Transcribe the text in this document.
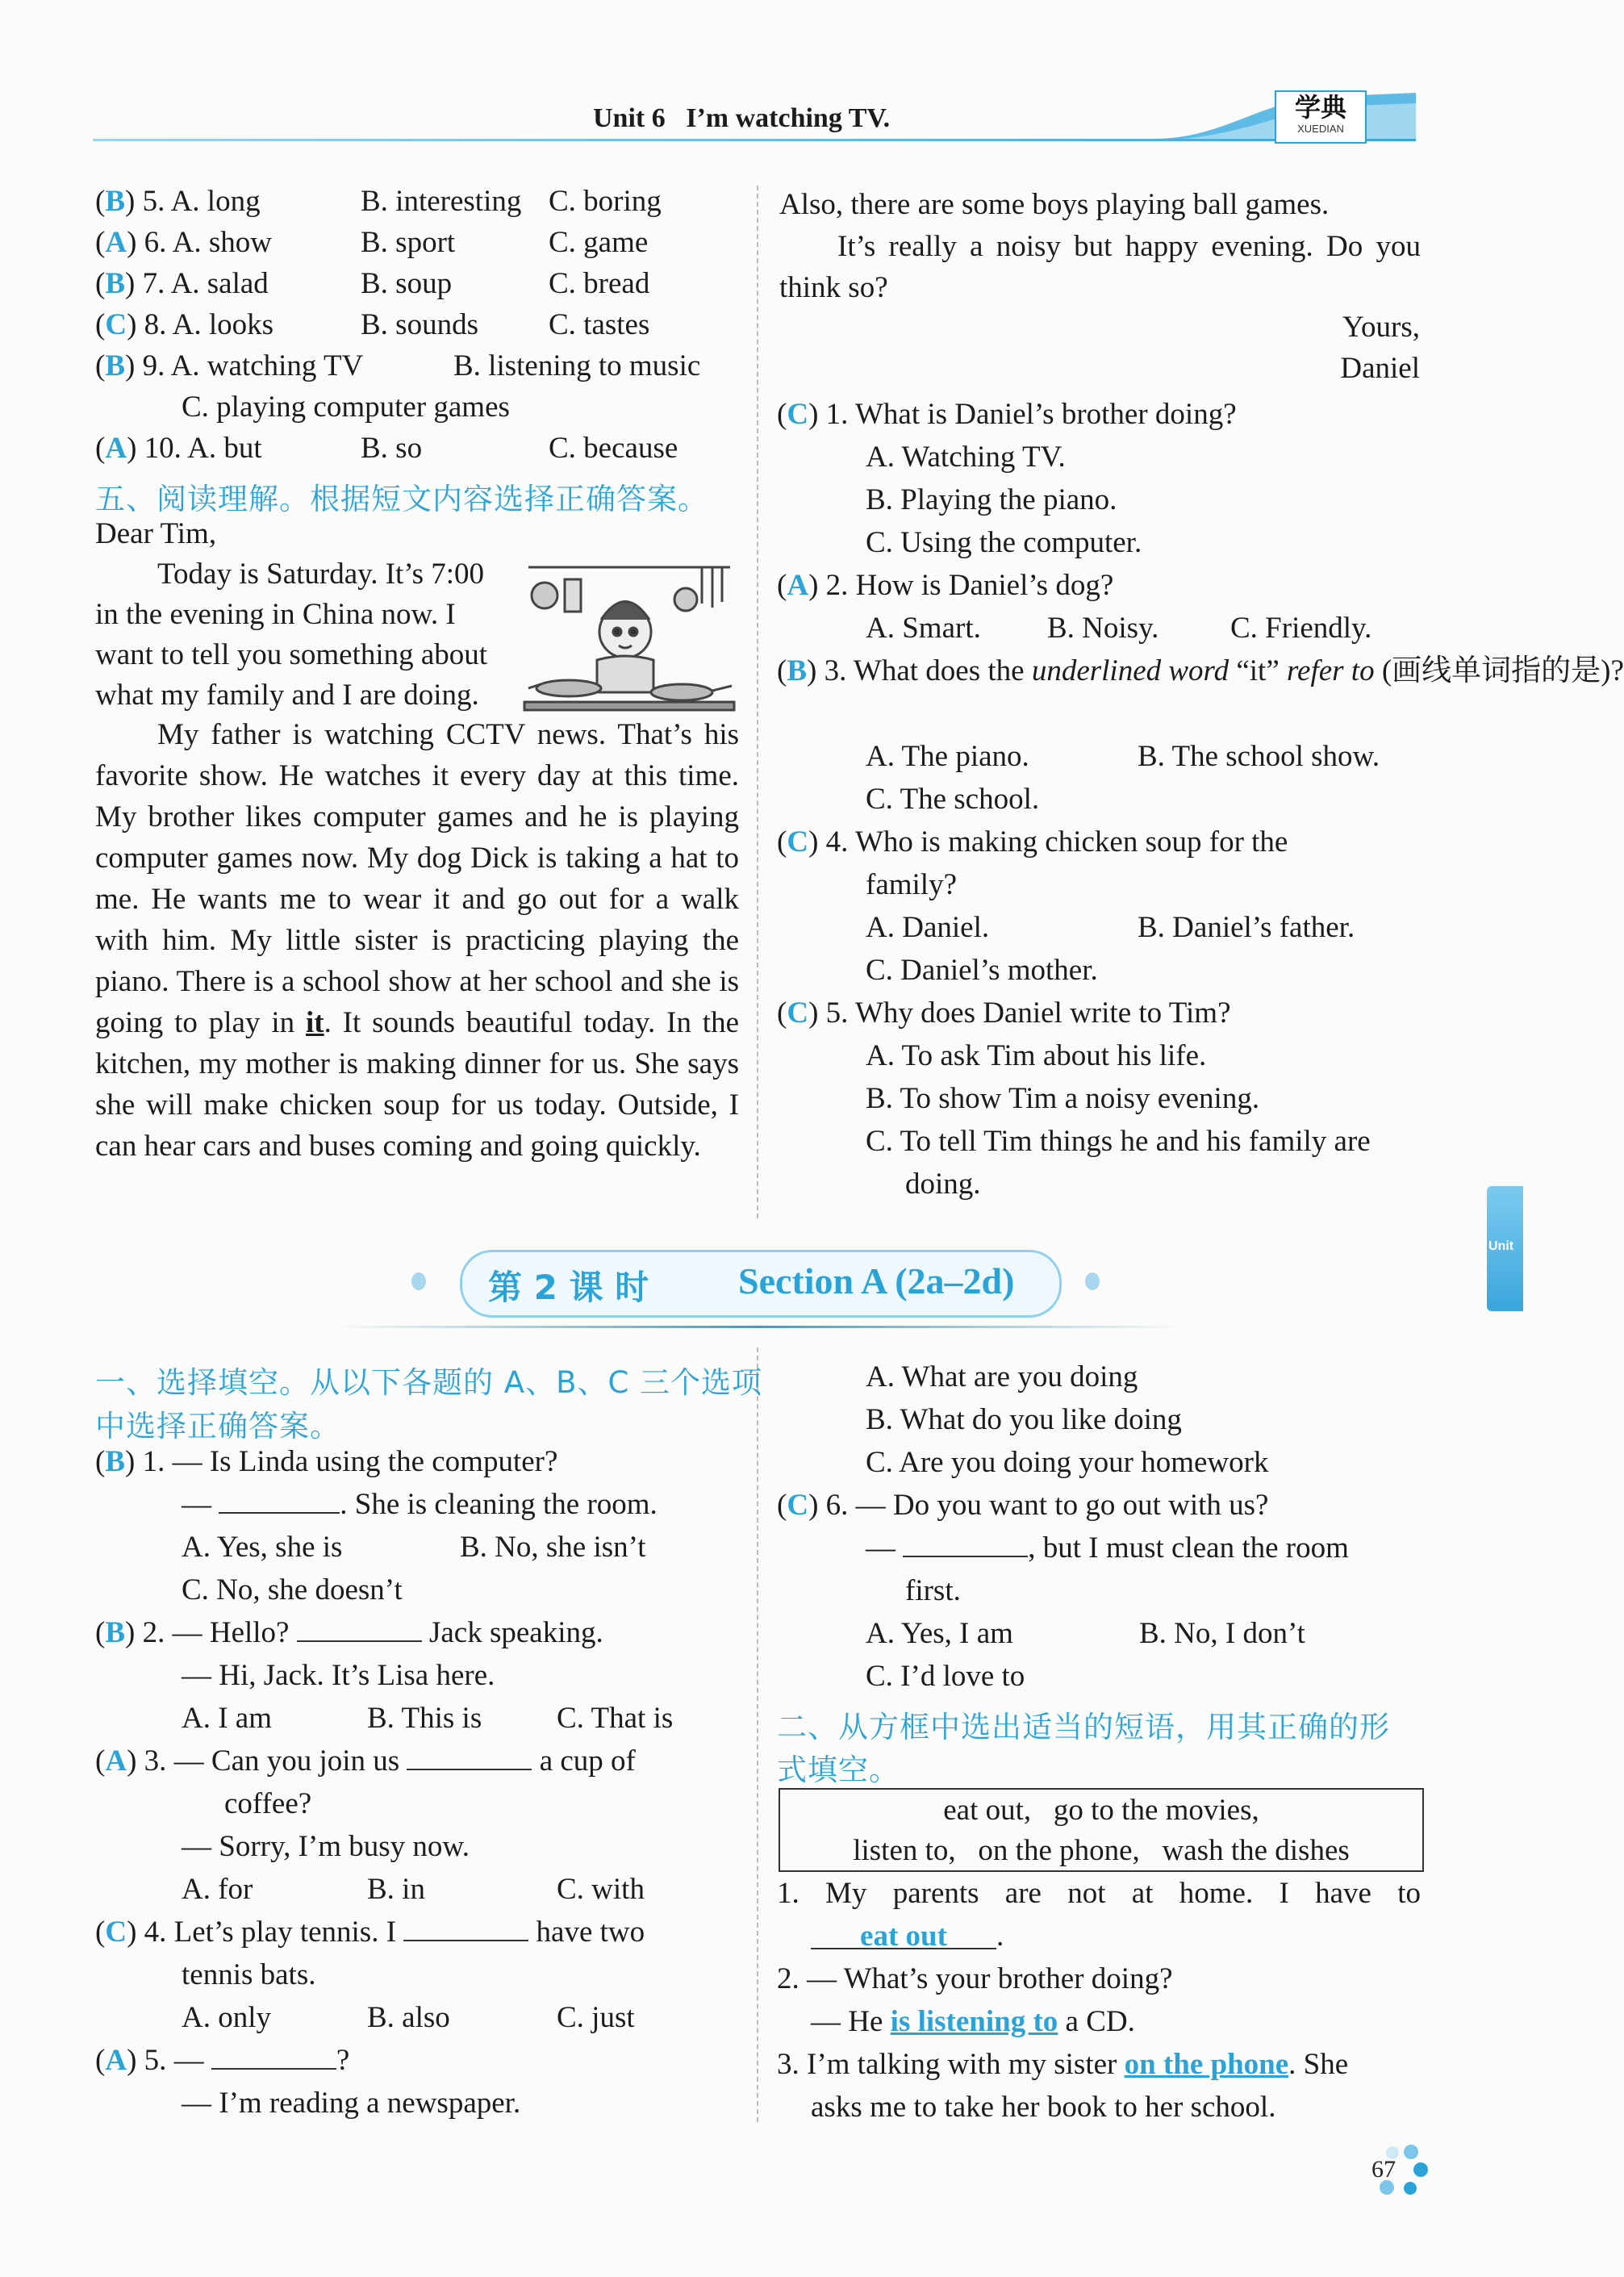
Unit 6   I’m watching TV.	学典
XUEDIAN
(B) 5. A. long	B. interesting C. boring
(A) 6. A. show	B. sport	C. game
(B) 7. A. salad	B. soup	C. bread
(C) 8. A. looks	B. sounds C. tastes
(B) 9. A. watching TV	B. listening to music
C. playing computer games
(A) 10. A. but	B. so	C. because
五、阅读理解。根据短文内容选择正确答案。
Dear Tim,
Today is Saturday. It’s 7:00
in the evening in China now. I
want to tell you something about
what my family and I are doing.
My father is watching CCTV news. That’s his favorite show. He watches it every day at this time. My brother likes computer games and he is playing computer games now. My dog Dick is taking a hat to me. He wants me to wear it and go out for a walk with him. My little sister is practicing playing the piano. There is a school show at her school and she is going to play in it. It sounds beautiful today. In the kitchen, my mother is making dinner for us. She says she will make chicken soup for us today. Outside, I can hear cars and buses coming and going quickly.
Also, there are some boys playing ball games.
It’s really a noisy but happy evening. Do you think so?
Yours,
Daniel
(C) 1. What is Daniel’s brother doing?
A. Watching TV.
B. Playing the piano.
C. Using the computer.
(A) 2. How is Daniel’s dog?
A. Smart. B. Noisy. C. Friendly.
(B) 3. What does the underlined word “it” refer to (画线单词指的是)?
A. The piano.	B. The school show.
C. The school.
(C) 4. Who is making chicken soup for the
family?
A. Daniel.	B. Daniel’s father.
C. Daniel’s mother.
(C) 5. Why does Daniel write to Tim?
A. To ask Tim about his life.
B. To show Tim a noisy evening.
C. To tell Tim things he and his family are
doing.
Unit
第 2 课 时 Section A (2a–2d)
一、选择填空。从以下各题的 A、B、C 三个选项
中选择正确答案。
(B) 1. — Is Linda using the computer?
—	. She is cleaning the room.
A. Yes, she is	B. No, she isn’t
C. No, she doesn’t
(B) 2. — Hello?	Jack speaking.
— Hi, Jack. It’s Lisa here.
A. I am	B. This is	C. That is
(A) 3. — Can you join us	a cup of
coffee?
— Sorry, I’m busy now.
A. for	B. in	C. with
(C) 4. Let’s play tennis. I	have two
tennis bats.
A. only	B. also	C. just
(A) 5. —	?
— I’m reading a newspaper.
A. What are you doing
B. What do you like doing
C. Are you doing your homework
(C) 6. — Do you want to go out with us?
—	, but I must clean the room
first.
A. Yes, I am	B. No, I don’t
C. I’d love to
二、从方框中选出适当的短语，用其正确的形
式填空。
eat out,   go to the movies,
listen to,   on the phone,   wash the dishes
1. My parents are not at home. I have to
eat out .
2. — What’s your brother doing?
— He is listening to a CD.
3. I’m talking with my sister on the phone. She
asks me to take her book to her school.
67
